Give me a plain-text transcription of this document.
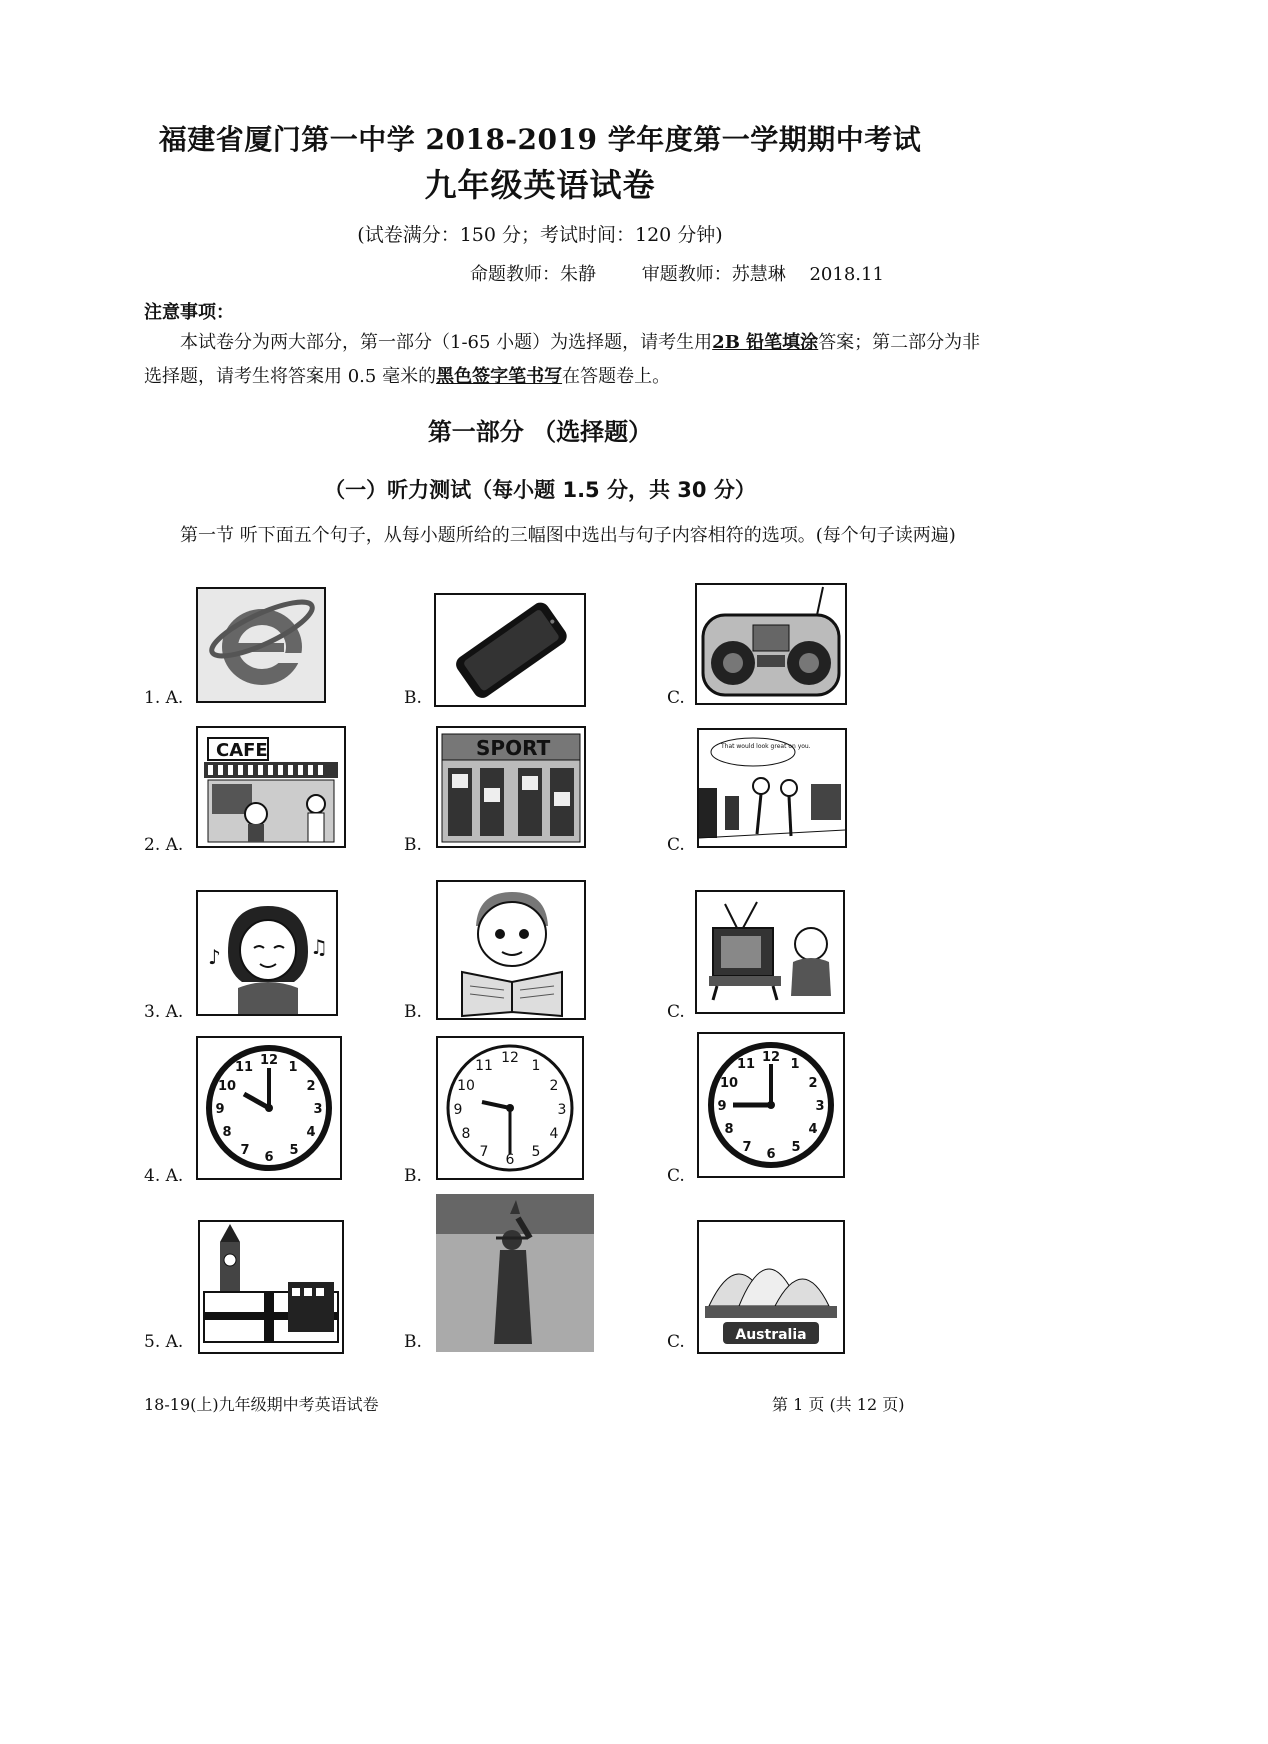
福建省厦门第一中学 2018-2019 学年度第一学期期中考试
九年级英语试卷
(试卷满分：150 分；考试时间：120 分钟)
命题教师：朱静	审题教师：苏慧琳 2018.11
注意事项：
本试卷分为两大部分，第一部分（1-65 小题）为选择题，请考生用2B 铅笔填涂答案；第二部分为非选择题，请考生将答案用 0.5 毫米的黑色签字笔书写在答题卷上。
第一部分 （选择题）
（一）听力测试（每小题 1.5 分，共 30 分）
第一节 听下面五个句子，从每小题所给的三幅图中选出与句子内容相符的选项。(每个句子读两遍)
1. A.	B.	C.
2. A.	B.	C.
3. A.	B.	C.
4. A.	B.	C.
5. A.	B.	C.
CAFE	SPORT	That would look great on you.
♪	♫
12 1
2
3
4
5
6
7
8
9
10
11
12 1
2
3
4
5
6
7
8
9
10
11
12 1
2
3
4
5
6
7
8
9
10
11
Australia
18-19(上)九年级期中考英语试卷	第 1 页 (共 12 页)
